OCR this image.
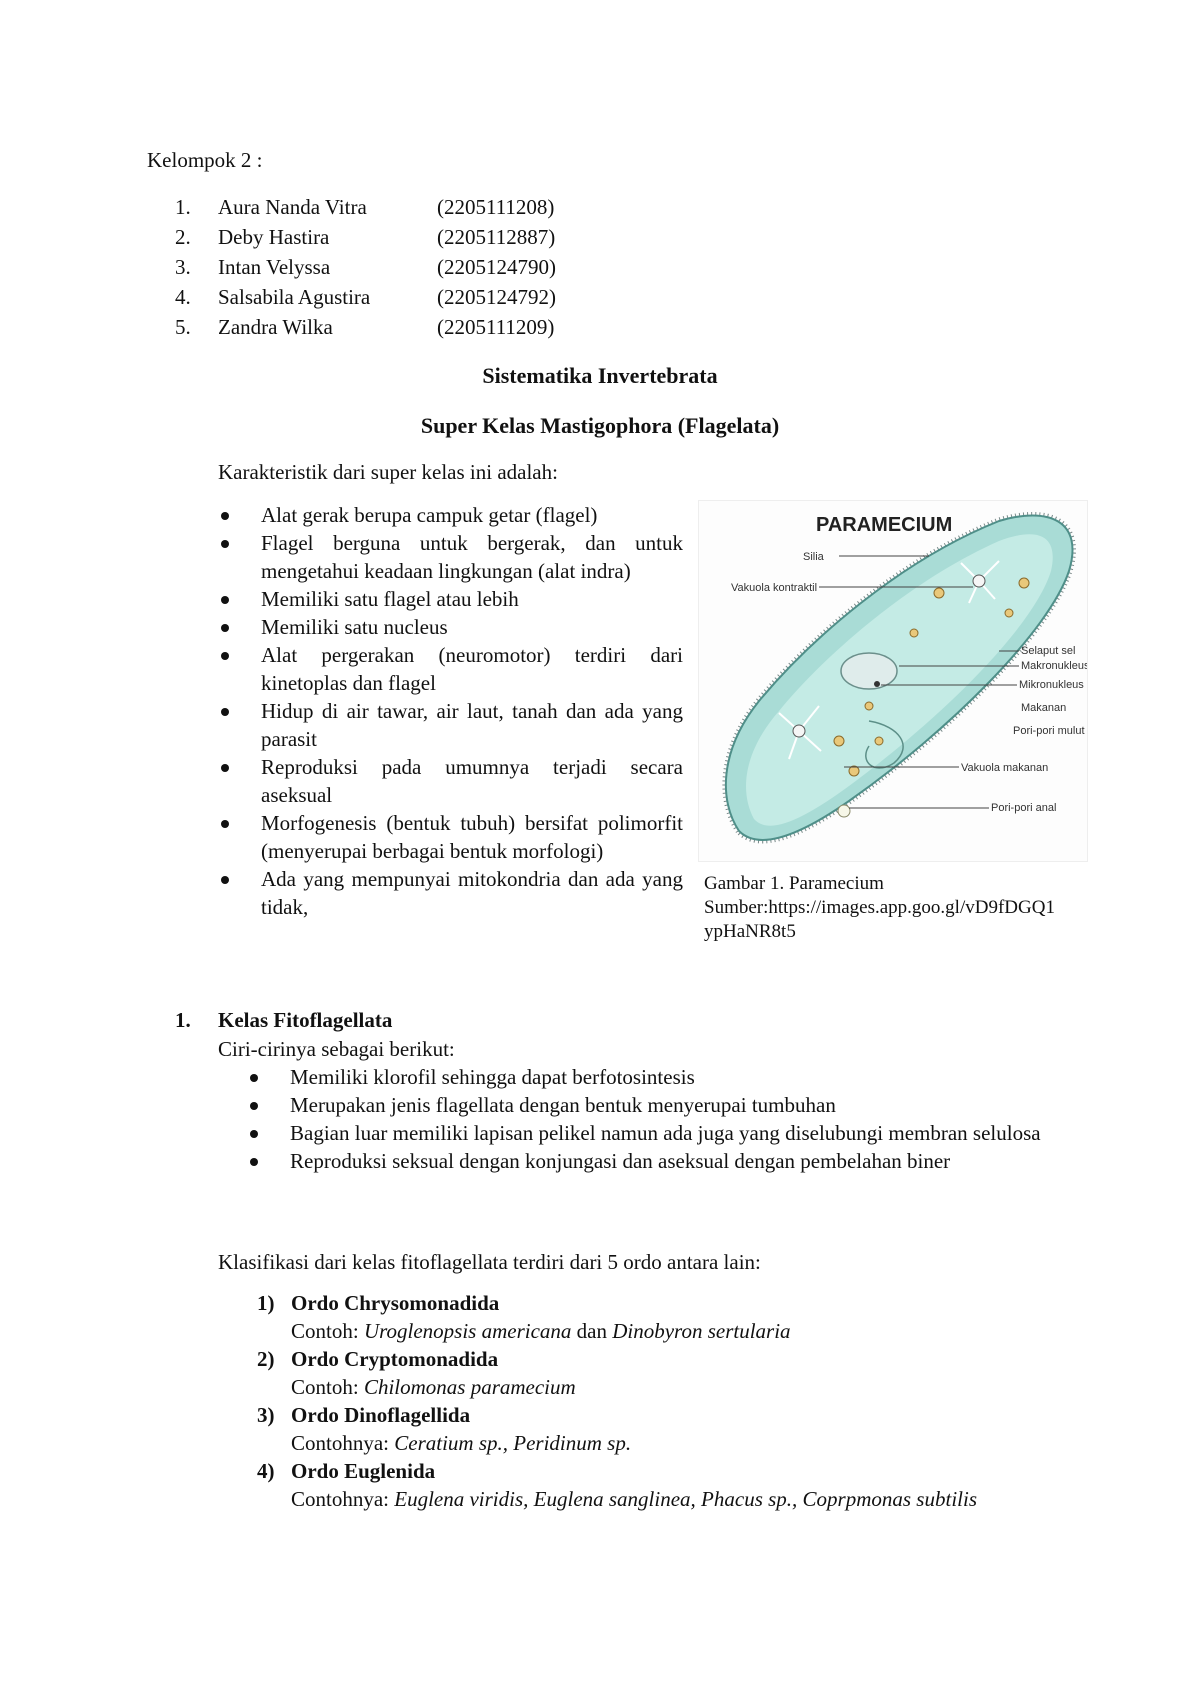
Kelompok 2 :
1. Aura Nanda Vitra	(2205111208)
2. Deby Hastira	(2205112887)
3. Intan Velyssa	(2205124790)
4. Salsabila Agustira	(2205124792)
5. Zandra Wilka	(2205111209)
Sistematika Invertebrata
Super Kelas Mastigophora (Flagelata)
Karakteristik dari super kelas ini adalah:
Alat gerak berupa campuk getar (flagel)
Flagel berguna untuk bergerak, dan untuk mengetahui keadaan lingkungan (alat indra)
Memiliki satu flagel atau lebih
Memiliki satu nucleus
Alat pergerakan (neuromotor) terdiri dari kinetoplas dan flagel
Hidup di air tawar, air laut, tanah dan ada yang parasit
Reproduksi pada umumnya terjadi secara aseksual
Morfogenesis (bentuk tubuh) bersifat polimorfit (menyerupai berbagai bentuk morfologi)
Ada yang mempunyai mitokondria dan ada yang tidak,
PARAMECIUM
Silia
Vakuola kontraktil
Selaput sel
Makronukleus
Mikronukleus
Makanan
Pori-pori mulut
Vakuola makanan
Pori-pori anal
Gambar 1. Paramecium
Sumber:https://images.app.goo.gl/vD9fDGQ1
ypHaNR8t5
1. Kelas Fitoflagellata
Ciri-cirinya sebagai berikut:
Memiliki klorofil sehingga dapat berfotosintesis
Merupakan jenis flagellata dengan bentuk menyerupai tumbuhan
Bagian luar memiliki lapisan pelikel namun ada juga yang diselubungi membran selulosa
Reproduksi seksual dengan konjungasi dan aseksual dengan pembelahan biner
Klasifikasi dari kelas fitoflagellata terdiri dari 5 ordo antara lain:
1) Ordo Chrysomonadida
Contoh: Uroglenopsis americana dan Dinobyron sertularia
2) Ordo Cryptomonadida
Contoh: Chilomonas paramecium
3) Ordo Dinoflagellida
Contohnya: Ceratium sp., Peridinum sp.
4) Ordo Euglenida
Contohnya: Euglena viridis, Euglena sanglinea, Phacus sp., Coprpmonas subtilis
